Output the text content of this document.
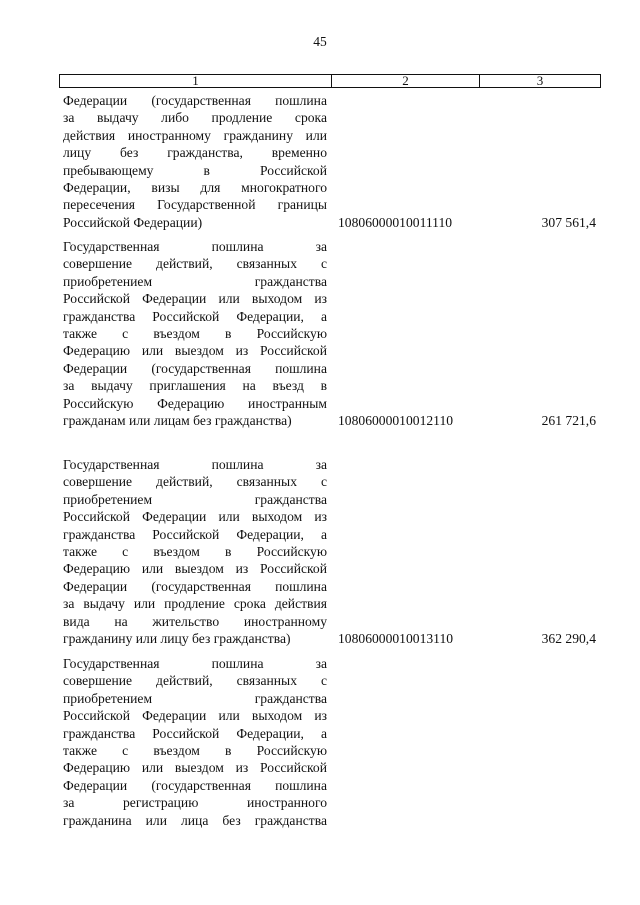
45
1	2	3
Федерации (государственная пошлина
за выдачу либо продление срока
действия иностранному гражданину или
лицу без гражданства, временно
пребывающему в Российской
Федерации, визы для многократного
пересечения Государственной границы
Российской Федерации)	10806000010011110	307 561,4
Государственная пошлина за
совершение действий, связанных с
приобретением гражданства
Российской Федерации или выходом из
гражданства Российской Федерации, а
также с въездом в Российскую
Федерацию или выездом из Российской
Федерации (государственная пошлина
за выдачу приглашения на въезд в
Российскую Федерацию иностранным
гражданам или лицам без гражданства)	10806000010012110	261 721,6
Государственная пошлина за
совершение действий, связанных с
приобретением гражданства
Российской Федерации или выходом из
гражданства Российской Федерации, а
также с въездом в Российскую
Федерацию или выездом из Российской
Федерации (государственная пошлина
за выдачу или продление срока действия
вида на жительство иностранному
гражданину или лицу без гражданства)	10806000010013110	362 290,4
Государственная пошлина за
совершение действий, связанных с
приобретением гражданства
Российской Федерации или выходом из
гражданства Российской Федерации, а
также с въездом в Российскую
Федерацию или выездом из Российской
Федерации (государственная пошлина
за регистрацию иностранного
гражданина или лица без гражданства
